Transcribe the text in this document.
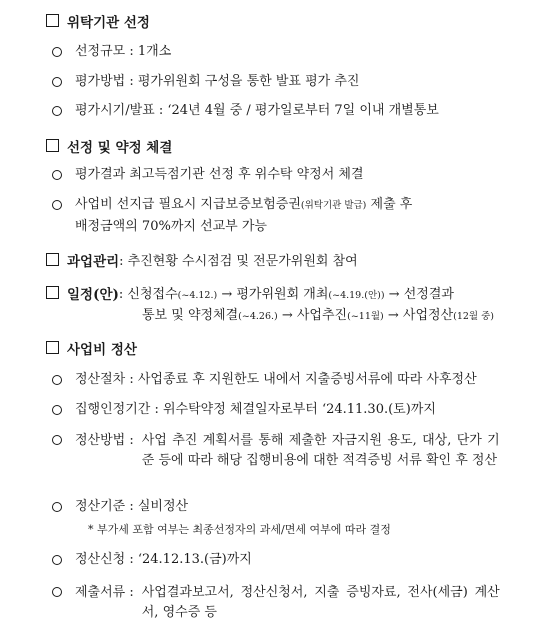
위탁기관 선정
선정규모 : 1개소
평가방법 : 평가위원회 구성을 통한 발표 평가 추진
평가시기/발표 : ‘24년 4월 중 / 평가일로부터 7일 이내 개별통보
선정 및 약정 체결
평가결과 최고득점기관 선정 후 위수탁 약정서 체결
사업비 선지급 필요시 지급보증보험증권(위탁기관 발급) 제출 후
배정금액의 70%까지 선교부 가능
과업관리 : 추진현황 수시점검 및 전문가위원회 참여
일정(안) : 신청접수(~4.12.) → 평가위원회 개최(~4.19.(안)) → 선정결과
통보 및 약정체결(~4.26.) → 사업추진(~11월) → 사업정산(12월 중)
사업비 정산
정산절차 : 사업종료 후 지원한도 내에서 지출증빙서류에 따라 사후정산
집행인정기간 : 위수탁약정 체결일자로부터 ‘24.11.30.(토)까지
정산방법 : 사업 추진 계획서를 통해 제출한 자금지원 용도, 대상, 단가 기준 등에 따라 해당 집행비용에 대한 적격증빙 서류 확인 후 정산
정산기준 : 실비정산
* 부가세 포함 여부는 최종선정자의 과세/면세 여부에 따라 결정
정산신청 : ‘24.12.13.(금)까지
제출서류 : 사업결과보고서, 정산신청서, 지출 증빙자료, 전사(세금) 계산서, 영수증 등
